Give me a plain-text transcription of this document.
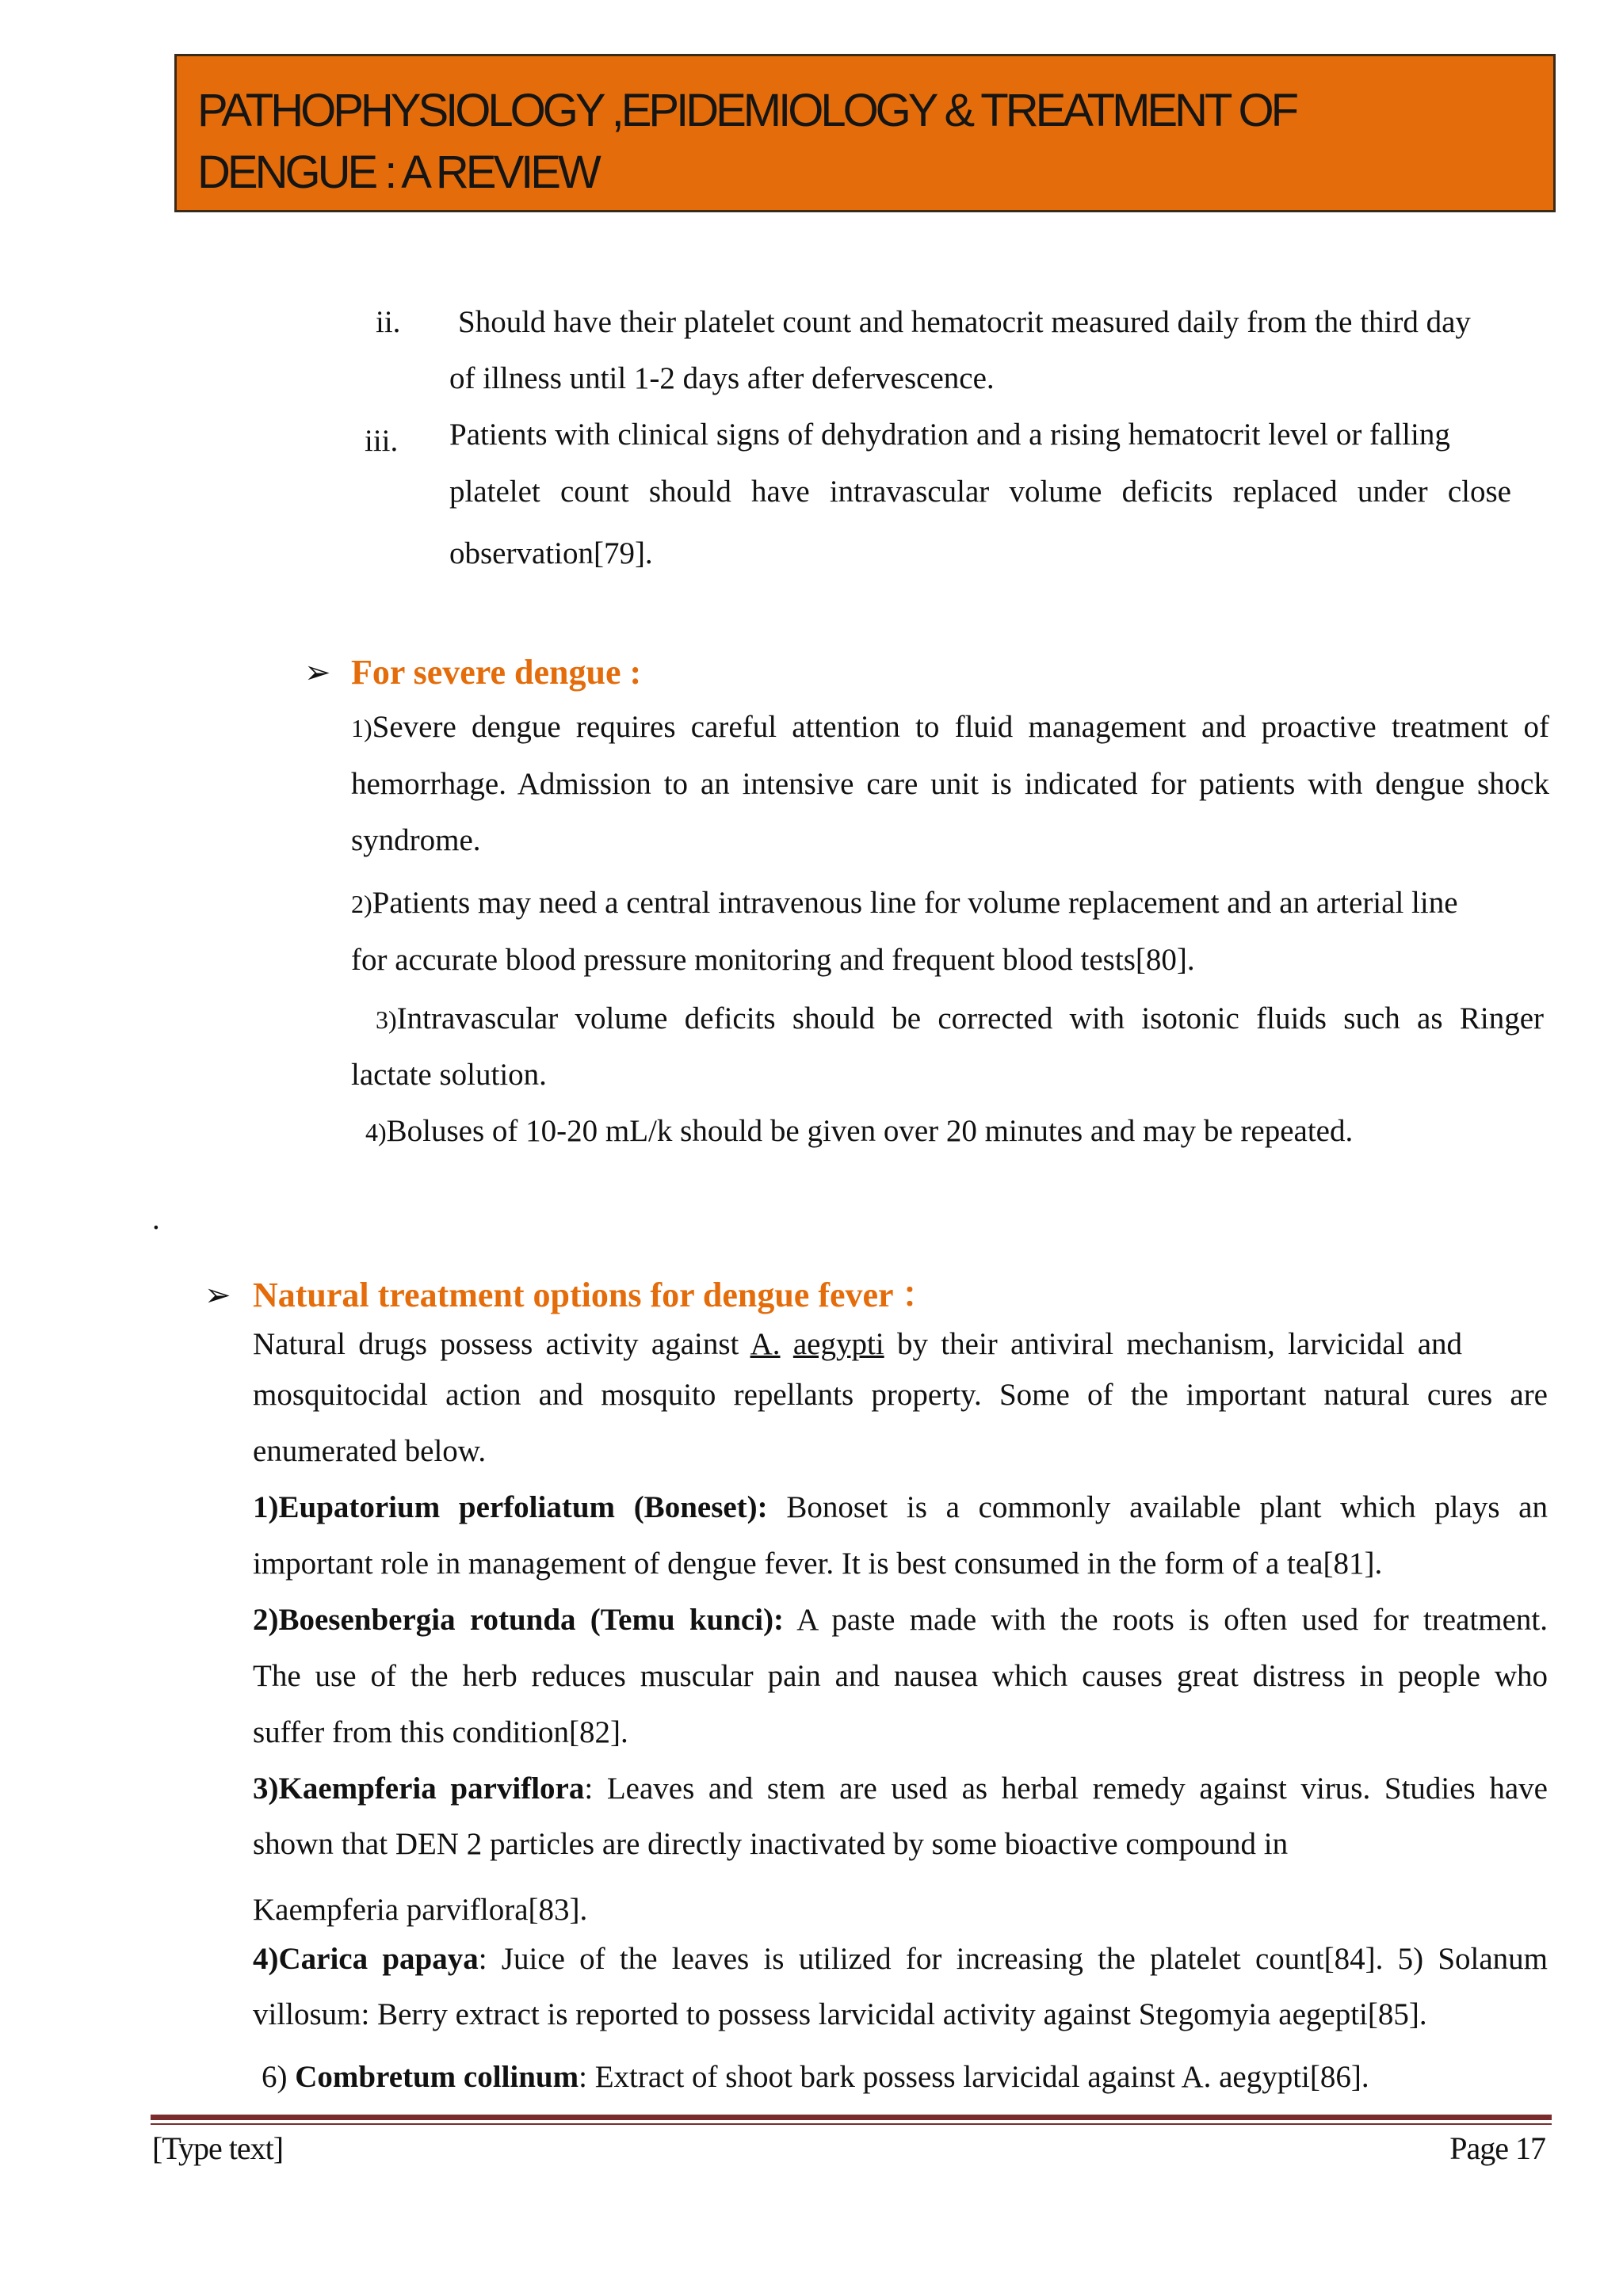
PATHOPHYSIOLOGY ,EPIDEMIOLOGY & TREATMENT OF
DENGUE : A REVIEW
ii. Should have their platelet count and hematocrit measured daily from the third day
of illness until 1-2 days after defervescence.
iii. Patients with clinical signs of dehydration and a rising hematocrit level or falling
platelet count should have intravascular volume deficits replaced under close
observation[79].
➢ For severe dengue :
1)Severe dengue requires careful attention to fluid management and proactive treatment of
hemorrhage. Admission to an intensive care unit is indicated for patients with dengue shock
syndrome.
2)Patients may need a central intravenous line for volume replacement and an arterial line
for accurate blood pressure monitoring and frequent blood tests[80].
3)Intravascular volume deficits should be corrected with isotonic fluids such as Ringer
lactate solution.
4)Boluses of 10-20 mL/k should be given over 20 minutes and may be repeated.
.
➢ Natural treatment options for dengue fever ：
Natural drugs possess activity against A. aegypti by their antiviral mechanism, larvicidal and
mosquitocidal action and mosquito repellants property. Some of the important natural cures are
enumerated below.
1)Eupatorium perfoliatum (Boneset): Bonoset is a commonly available plant which plays an
important role in management of dengue fever. It is best consumed in the form of a tea[81].
2)Boesenbergia rotunda (Temu kunci): A paste made with the roots is often used for treatment.
The use of the herb reduces muscular pain and nausea which causes great distress in people who
suffer from this condition[82].
3)Kaempferia parviflora: Leaves and stem are used as herbal remedy against virus. Studies have
shown that DEN 2 particles are directly inactivated by some bioactive compound in
Kaempferia parviflora[83].
4)Carica papaya: Juice of the leaves is utilized for increasing the platelet count[84]. 5) Solanum
villosum: Berry extract is reported to possess larvicidal activity against Stegomyia aegepti[85].
6) Combretum collinum: Extract of shoot bark possess larvicidal against A. aegypti[86].
[Type text]	Page 17
